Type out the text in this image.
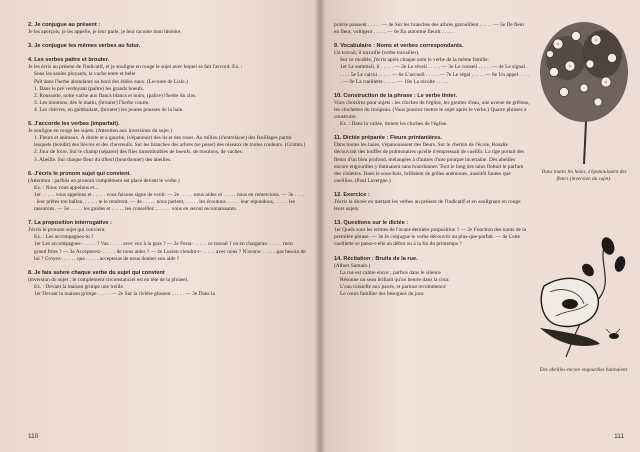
2. Je conjugue au présent :

Je les aperçois, je les appelle, je leur parle, je leur raconte mon histoire.

3. Je conjugue les mêmes verbes au futur.

4. Les verbes paître et brouter.

Je les écris au présent de l'indicatif, et je souligne en rouge le sujet avec lequel se fait l'accord. Ex. :

Sous les saules ployants, la vache lente et belle

Paît dans l'herbe abondante au bord des étiées eaux. (Leconte de Lisle.)

1. Dans le pré verdoyant (paître) les grands boeufs.

2. Roussotte, notre vache aux flancs blancs et noirs, (paître) l'herbe du clos.

3. Les moutons, dès le matin, (brouter) l'herbe courte.

4. Les chèvres, en gambadant, (brouter) les jeunes pousses de la haie.

5. J'accorde les verbes (imparfait).

Je souligne en rouge les sujets. (Attention aux inversions du sujet.)

1. Fleurs et animaux. À droite et à gauche, (s'épanouir) des lis et des roses. Au milieu (s'entrelacer) des feuillages parmi lesquels (bondir) des lièvres et des chevreuils. Sur les branches des arbres (se poser) des oiseaux de toutes couleurs. (Grimm.)

2. Jour de foire. Sur le champ (séparer) des files innombrables de boeufs, de moutons, de vaches.

3. Abeille. Sur chaque fleur du tilleul (bourdonner) des abeilles.

6. J'écris le pronom sujet qui convient.

(Attention : parfois un pronom complément est placé devant le verbe.)

Ex. : Nous vous appelons et...

1er . . . . . vous appelons et . . . . . vous faisons signe de venir. — 2e . . . . . nous aidez et . . . . . nous en remercions. — 3e . . . . . leur prêtes ton ballon, . . . . . te le rendront. — 4e . . . . . nous parlent, . . . . . les écoutons . . . . . leur répondons, . . . . . les rassurons. — 5e . . . . . les guides et . . . . . les conseillez ; . . . . . vous en seront reconnaissants.

7. La proposition interrogative :

J'écris le pronom sujet qui convient.

Ex. : Les accompagnes-tu ?

1er Les accompagnes- . . . . . ? Vas . . . . . avec eux à la gare ? — 2e Ferai- . . . . . ce travail ? ou en chargeras- . . . . . mon grand frère ? — 3e Accepterez- . . . . . de nous aider ? — 4e Lucien viendra-t- . . . . . avec nous ? N'avons- . . . . . pas besoin de lui ? Croyez- . . . . . que . . . . . accepteras de nous donner son aide ?

8. Je fais suivre chaque verbe du sujet qui convient

(inversion du sujet ; le complément circonstanciel est en tête de la phrase).

Ex. : Devant la maison grimpe une treille.

1er Devant la maison grimpe . . . . . — 2e Sur la rivière glissent . . . . . — 3e Dans la

110

prairie paissent . . . . . — 4e Sur les branches des arbres gazouillent . . . . . — 5e De fleur en fleur, voltigent . . . . . — 6e En automne fleurit . . . . .

9. Vocabulaire : Noms et verbes correspondants.

Un travail, il travaille (verbe travailler).

Sur ce modèle, j'écris après chaque nom le verbe de la même famille.

1er Le sommeil, il . . . . . — 2e Le réveil . . . . . — 3e Le conseil . . . . . — 4e Le signal . . . . . 5e Le calcul . . . . . — 6e L'accueil . . . . . — 7e Le régal . . . . . — 8e Un appel . . . . . — 9e La cueillette . . . . . — 10e La récolte . . . . .

10. Construction de la phrase : Le verbe tinter.

Vous choisirez pour sujets : les cloches de l'église, les gouttes d'eau, une averse de grêlons, les clochettes du troupeau. (Vous pourrez mettre le sujet après le verbe.) Quatre phrases à construire.

Ex. : Dans la vallée, tintent les cloches de l'église.

11. Dictée préparée : Fleurs printanières.

Dans toutes les haies, s'épanouissent des fleurs. Sur le chemin de l'école, Rosalie découvrait des touffes de pulmonaires qu'elle n'empressait de cueillir. La tige portait des fleurs d'un bleu profond, mélangées à d'autres d'une pourpre incertaine. Des abeilles encore engourdies y butinaient sans bourdonner. Tout le long des talus flottait le parfum des violettes. Dans le sous-bois, brillaient de grêles anémones, aussitôt fanées que cueillies. (Paul Lavergne.)

12. Exercice :

J'écris la dictée en mettant les verbes au présent de l'indicatif et en soulignant en rouge leurs sujets.

13. Questions sur le dictée :

1er Quels sont les termes de l'avant-dernière proposition ? — 2e Fonction des noms de la première phrase. — 3e Je conjugue le verbe découvrir au plus-que-parfait. — 4e Cette cueillette se passe-t-elle au début ou à la fin du printemps ?

14. Récitation : Bruits de la rue.

(Albert Samain.)

La rue est calme encor ; parfois dans le silence

Résonne un seau brillant qu'on heurte dans la cour.

L'eau ruisselle aux pavés, et partout recommence

Le cours familier des besognes du jour.

Dans toutes les haies, s'épanouissent des fleurs (inversion du sujet).
Des abeilles encore engourdies butinaient.
111
